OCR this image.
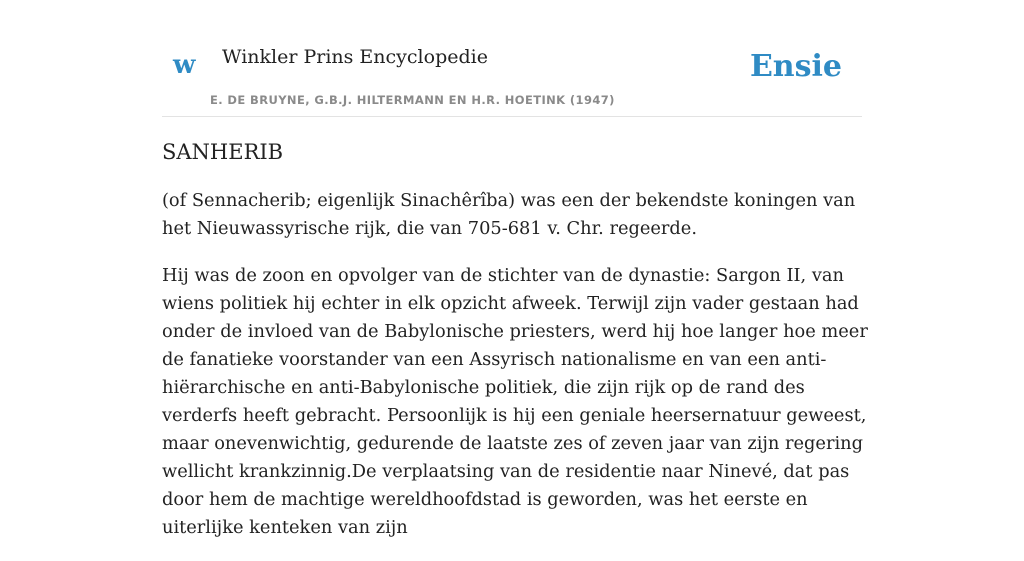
w Winkler Prins Encyclopedie
E. DE BRUYNE, G.B.J. HILTERMANN EN H.R. HOETINK (1947)
Ensie
SANHERIB

(of Sennacherib; eigenlijk Sinachêrîba) was een der bekendste koningen van het Nieuwassyrische rijk, die van 705-681 v. Chr. regeerde.

Hij was de zoon en opvolger van de stichter van de dynastie: Sargon II, van wiens politiek hij echter in elk opzicht afweek. Terwijl zijn vader gestaan had onder de invloed van de Babylonische priesters, werd hij hoe langer hoe meer de fanatieke voorstander van een Assyrisch nationalisme en van een anti-hiërarchische en anti-Babylonische politiek, die zijn rijk op de rand des verderfs heeft gebracht. Persoonlijk is hij een geniale heersernatuur geweest, maar onevenwichtig, gedurende de laatste zes of zeven jaar van zijn regering wellicht krankzinnig.De verplaatsing van de residentie naar Ninevé, dat pas door hem de machtige wereldhoofdstad is geworden, was het eerste en uiterlijke kenteken van zijn
